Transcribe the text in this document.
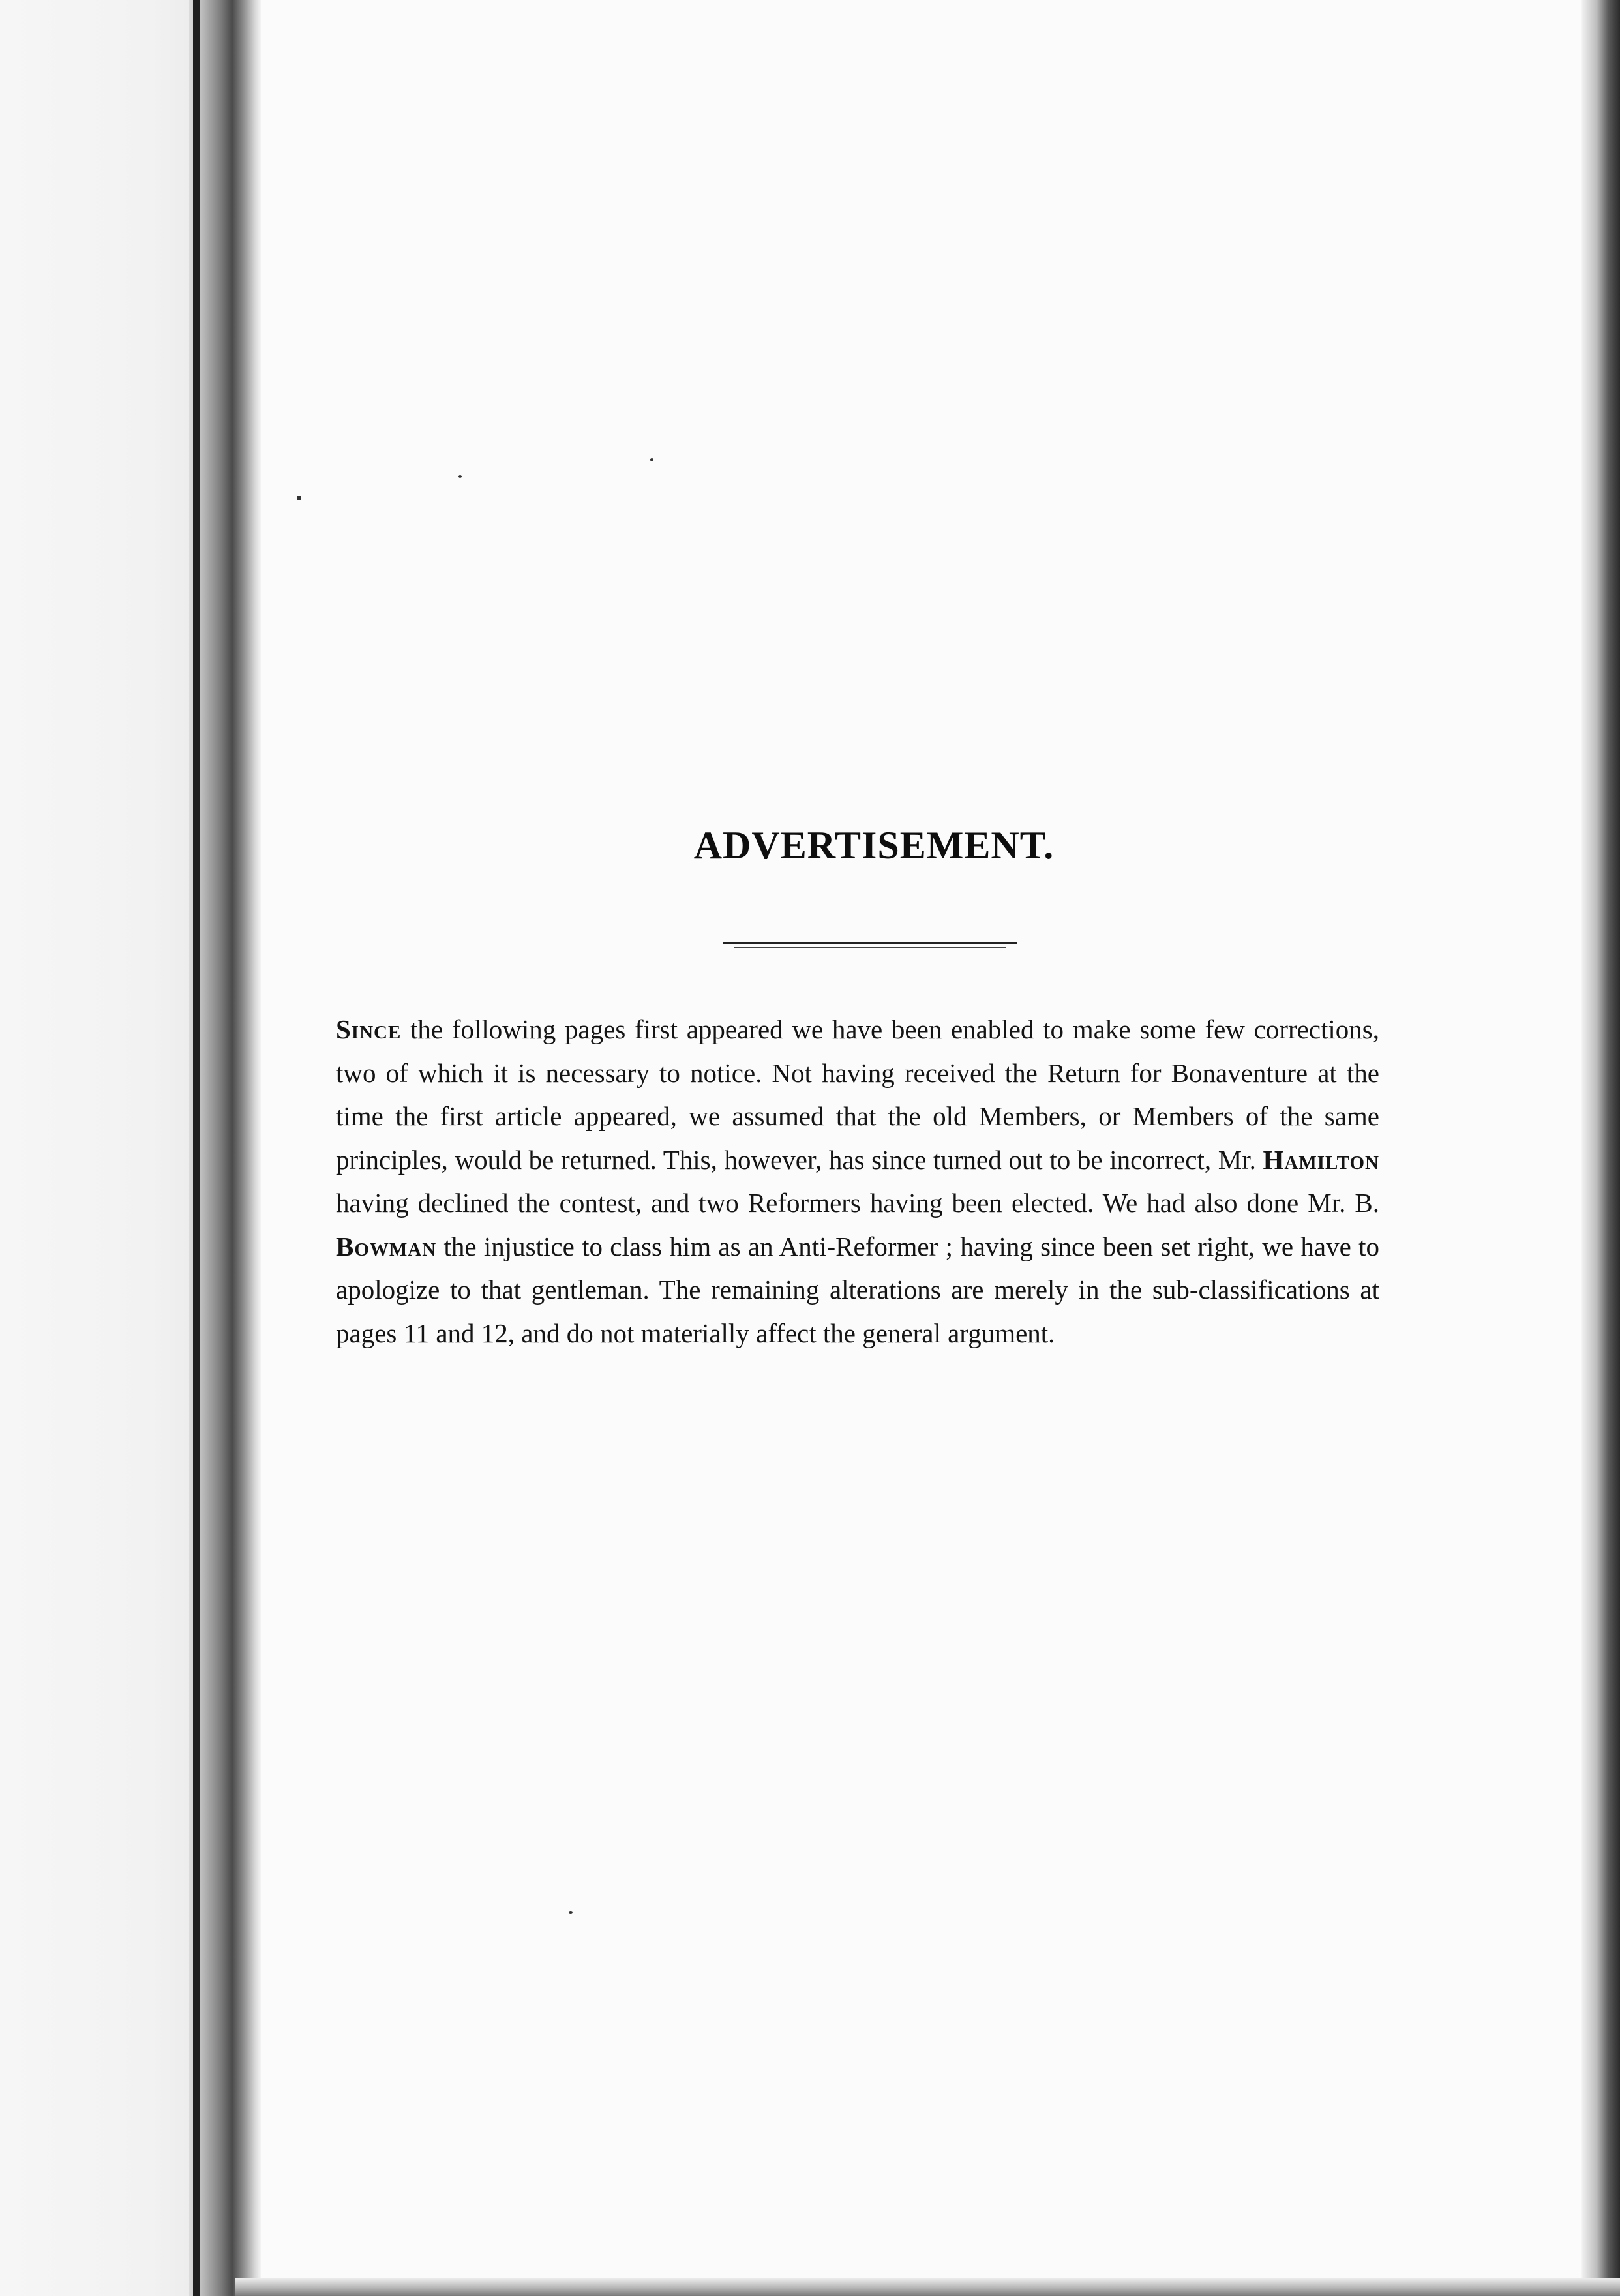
ADVERTISEMENT.

Since the following pages first appeared we have been enabled to make some few corrections, two of which it is necessary to notice. Not having received the Return for Bonaventure at the time the first article appeared, we assumed that the old Members, or Members of the same principles, would be returned. This, however, has since turned out to be incorrect, Mr. Hamilton having declined the contest, and two Reformers having been elected. We had also done Mr. B. Bowman the injustice to class him as an Anti-Reformer ; having since been set right, we have to apologize to that gentleman. The remaining alterations are merely in the sub-classifications at pages 11 and 12, and do not materially affect the general argument.
